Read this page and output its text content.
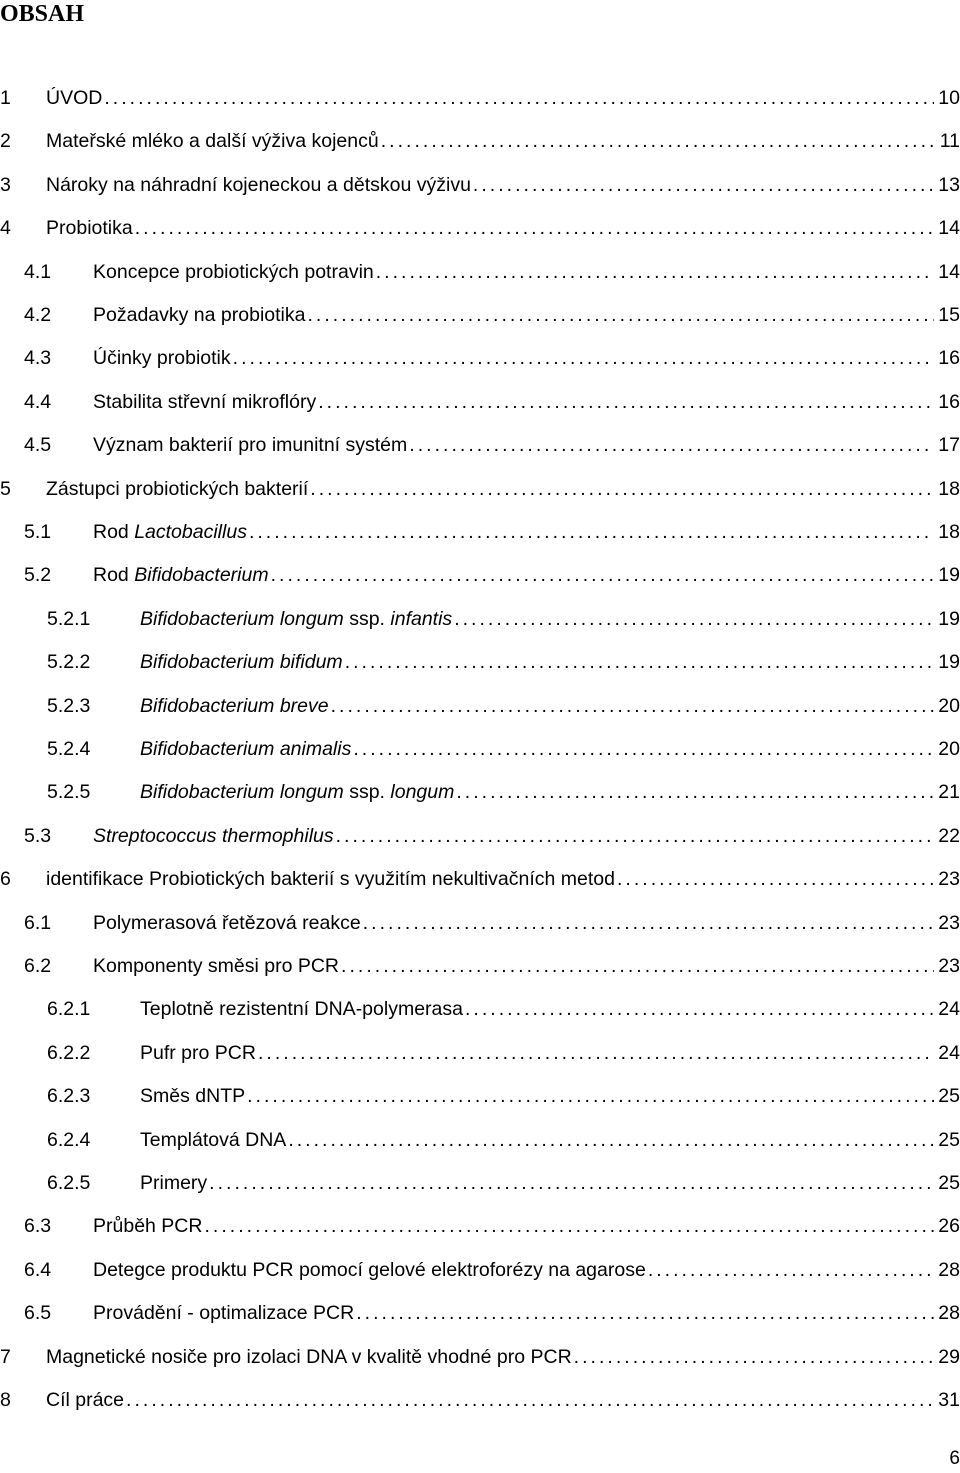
OBSAH
1 ÚVOD . . .	10
2 Mateřské mléko a další výživa kojenců . . .	11
3 Nároky na náhradní kojeneckou a dětskou výživu . . .	13
4 Probiotika . . .	14
4.1 Koncepce probiotických potravin . . .	14
4.2 Požadavky na probiotika . . .	15
4.3 Účinky probiotik . . .	16
4.4 Stabilita střevní mikroflóry . . .	16
4.5 Význam bakterií pro imunitní systém . . .	17
5 Zástupci probiotických bakterií . . .	18
5.1 Rod Lactobacillus . . .	18
5.2 Rod Bifidobacterium . . .	19
5.2.1	Bifidobacterium longum ssp. infantis . . .	19
5.2.2	Bifidobacterium bifidum . . .	19
5.2.3	Bifidobacterium breve . . .	20
5.2.4	Bifidobacterium animalis . . .	20
5.2.5	Bifidobacterium longum ssp. longum . . .	21
5.3 Streptococcus thermophilus . . .	22
6 identifikace Probiotických bakterií s využitím nekultivačních metod . . .	23
6.1 Polymerasová řetězová reakce . . .	23
6.2 Komponenty směsi pro PCR . . .	23
6.2.1	Teplotně rezistentní DNA-polymerasa . . .	24
6.2.2	Pufr pro PCR . . .	24
6.2.3	Směs dNTP . . .	25
6.2.4	Templátová DNA . . .	25
6.2.5	Primery . . .	25
6.3 Průběh PCR . . .	26
6.4 Detegce produktu PCR pomocí gelové elektroforézy na agarose . . .	28
6.5 Provádění - optimalizace PCR . . .	28
7 Magnetické nosiče pro izolaci DNA v kvalitě vhodné pro PCR . . .	29
8 Cíl práce . . .	31
6
